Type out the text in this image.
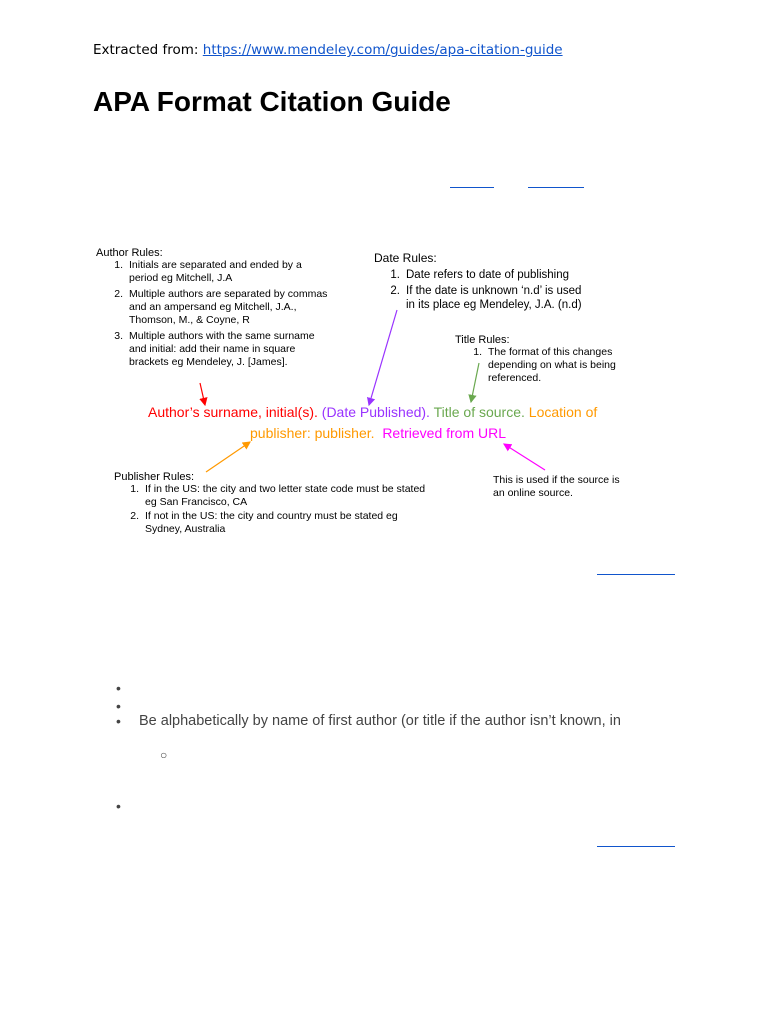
Extracted from: https://www.mendeley.com/guides/apa-citation-guide
APA Format Citation Guide
Author Rules:
1. Initials are separated and ended by a
period eg Mitchell, J.A
2. Multiple authors are separated by commas
and an ampersand eg Mitchell, J.A.,
Thomson, M., & Coyne, R
3. Multiple authors with the same surname
and initial: add their name in square
brackets eg Mendeley, J. [James].
Date Rules:
1. Date refers to date of publishing
2. If the date is unknown ‘n.d’ is used
in its place eg Mendeley, J.A. (n.d)
Title Rules:
1. The format of this changes
depending on what is being
referenced.
Author’s surname, initial(s). (Date Published). Title of source. Location of
publisher: publisher. Retrieved from URL
Publisher Rules:
1. If in the US: the city and two letter state code must be stated
eg San Francisco, CA
2. If not in the US: the city and country must be stated eg
Sydney, Australia
This is used if the source is
an online source.
•
•
• Be alphabetically by name of first author (or title if the author isn’t known, in
○
•
